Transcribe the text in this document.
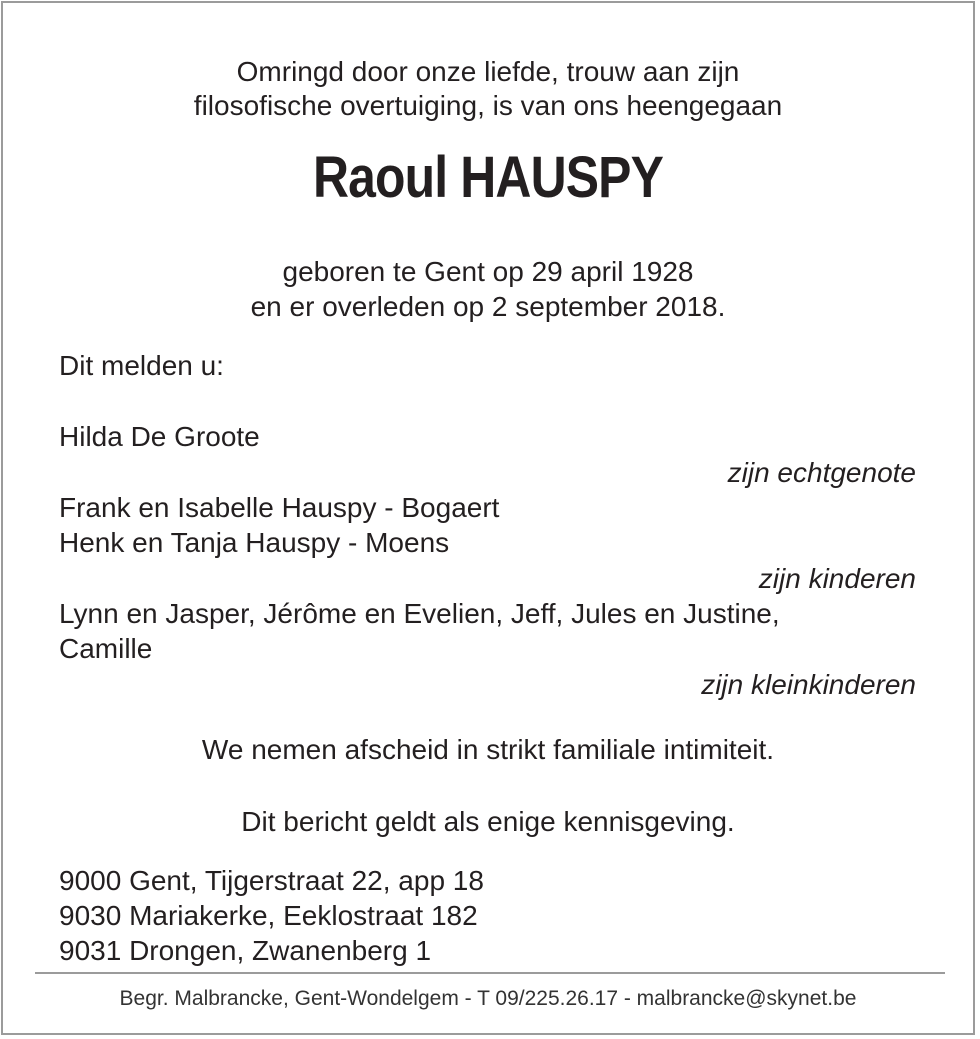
Omringd door onze liefde, trouw aan zijn
filosofische overtuiging, is van ons heengegaan
Raoul HAUSPY
geboren te Gent op 29 april 1928
en er overleden op 2 september 2018.
Dit melden u:
Hilda De Groote
zijn echtgenote
Frank en Isabelle Hauspy - Bogaert
Henk en Tanja Hauspy - Moens
zijn kinderen
Lynn en Jasper, Jérôme en Evelien, Jeff, Jules en Justine,
Camille
zijn kleinkinderen
We nemen afscheid in strikt familiale intimiteit.
Dit bericht geldt als enige kennisgeving.
9000 Gent, Tijgerstraat 22, app 18
9030 Mariakerke, Eeklostraat 182
9031 Drongen, Zwanenberg 1
Begr. Malbrancke, Gent-Wondelgem - T 09/225.26.17 - malbrancke@skynet.be
